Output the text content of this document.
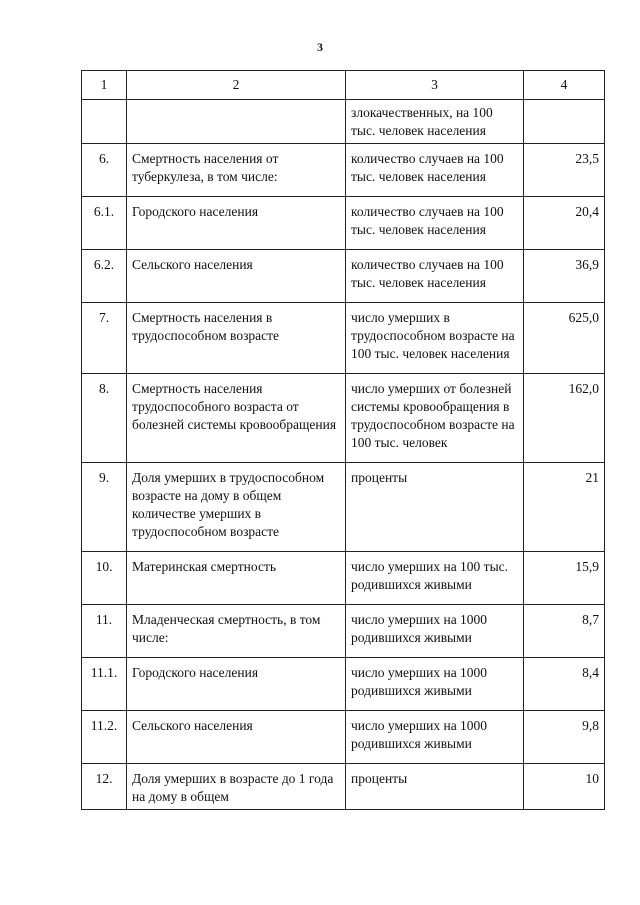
3
1	2	3	4
		злокачественных, на 100 тыс. человек населения	
6.	Смертность населения от туберкулеза, в том числе:	количество случаев на 100 тыс. человек населения	23,5
6.1.	Городского населения	количество случаев на 100 тыс. человек населения	20,4
6.2.	Сельского населения	количество случаев на 100 тыс. человек населения	36,9
7.	Смертность населения в трудоспособном возрасте	число умерших в трудоспособном возрасте на 100 тыс. человек населения	625,0
8.	Смертность населения трудоспособного возраста от болезней системы кровообращения	число умерших от болезней системы кровообращения в трудоспособном возрасте на 100 тыс. человек	162,0
9.	Доля умерших в трудоспособном возрасте на дому в общем количестве умерших в трудоспособном возрасте	проценты	21
10.	Материнская смертность	число умерших на 100 тыс. родившихся живыми	15,9
11.	Младенческая смертность, в том числе:	число умерших на 1000 родившихся живыми	8,7
11.1.	Городского населения	число умерших на 1000 родившихся живыми	8,4
11.2.	Сельского населения	число умерших на 1000 родившихся живыми	9,8
12.	Доля умерших в возрасте до 1 года на дому в общем	проценты	10
